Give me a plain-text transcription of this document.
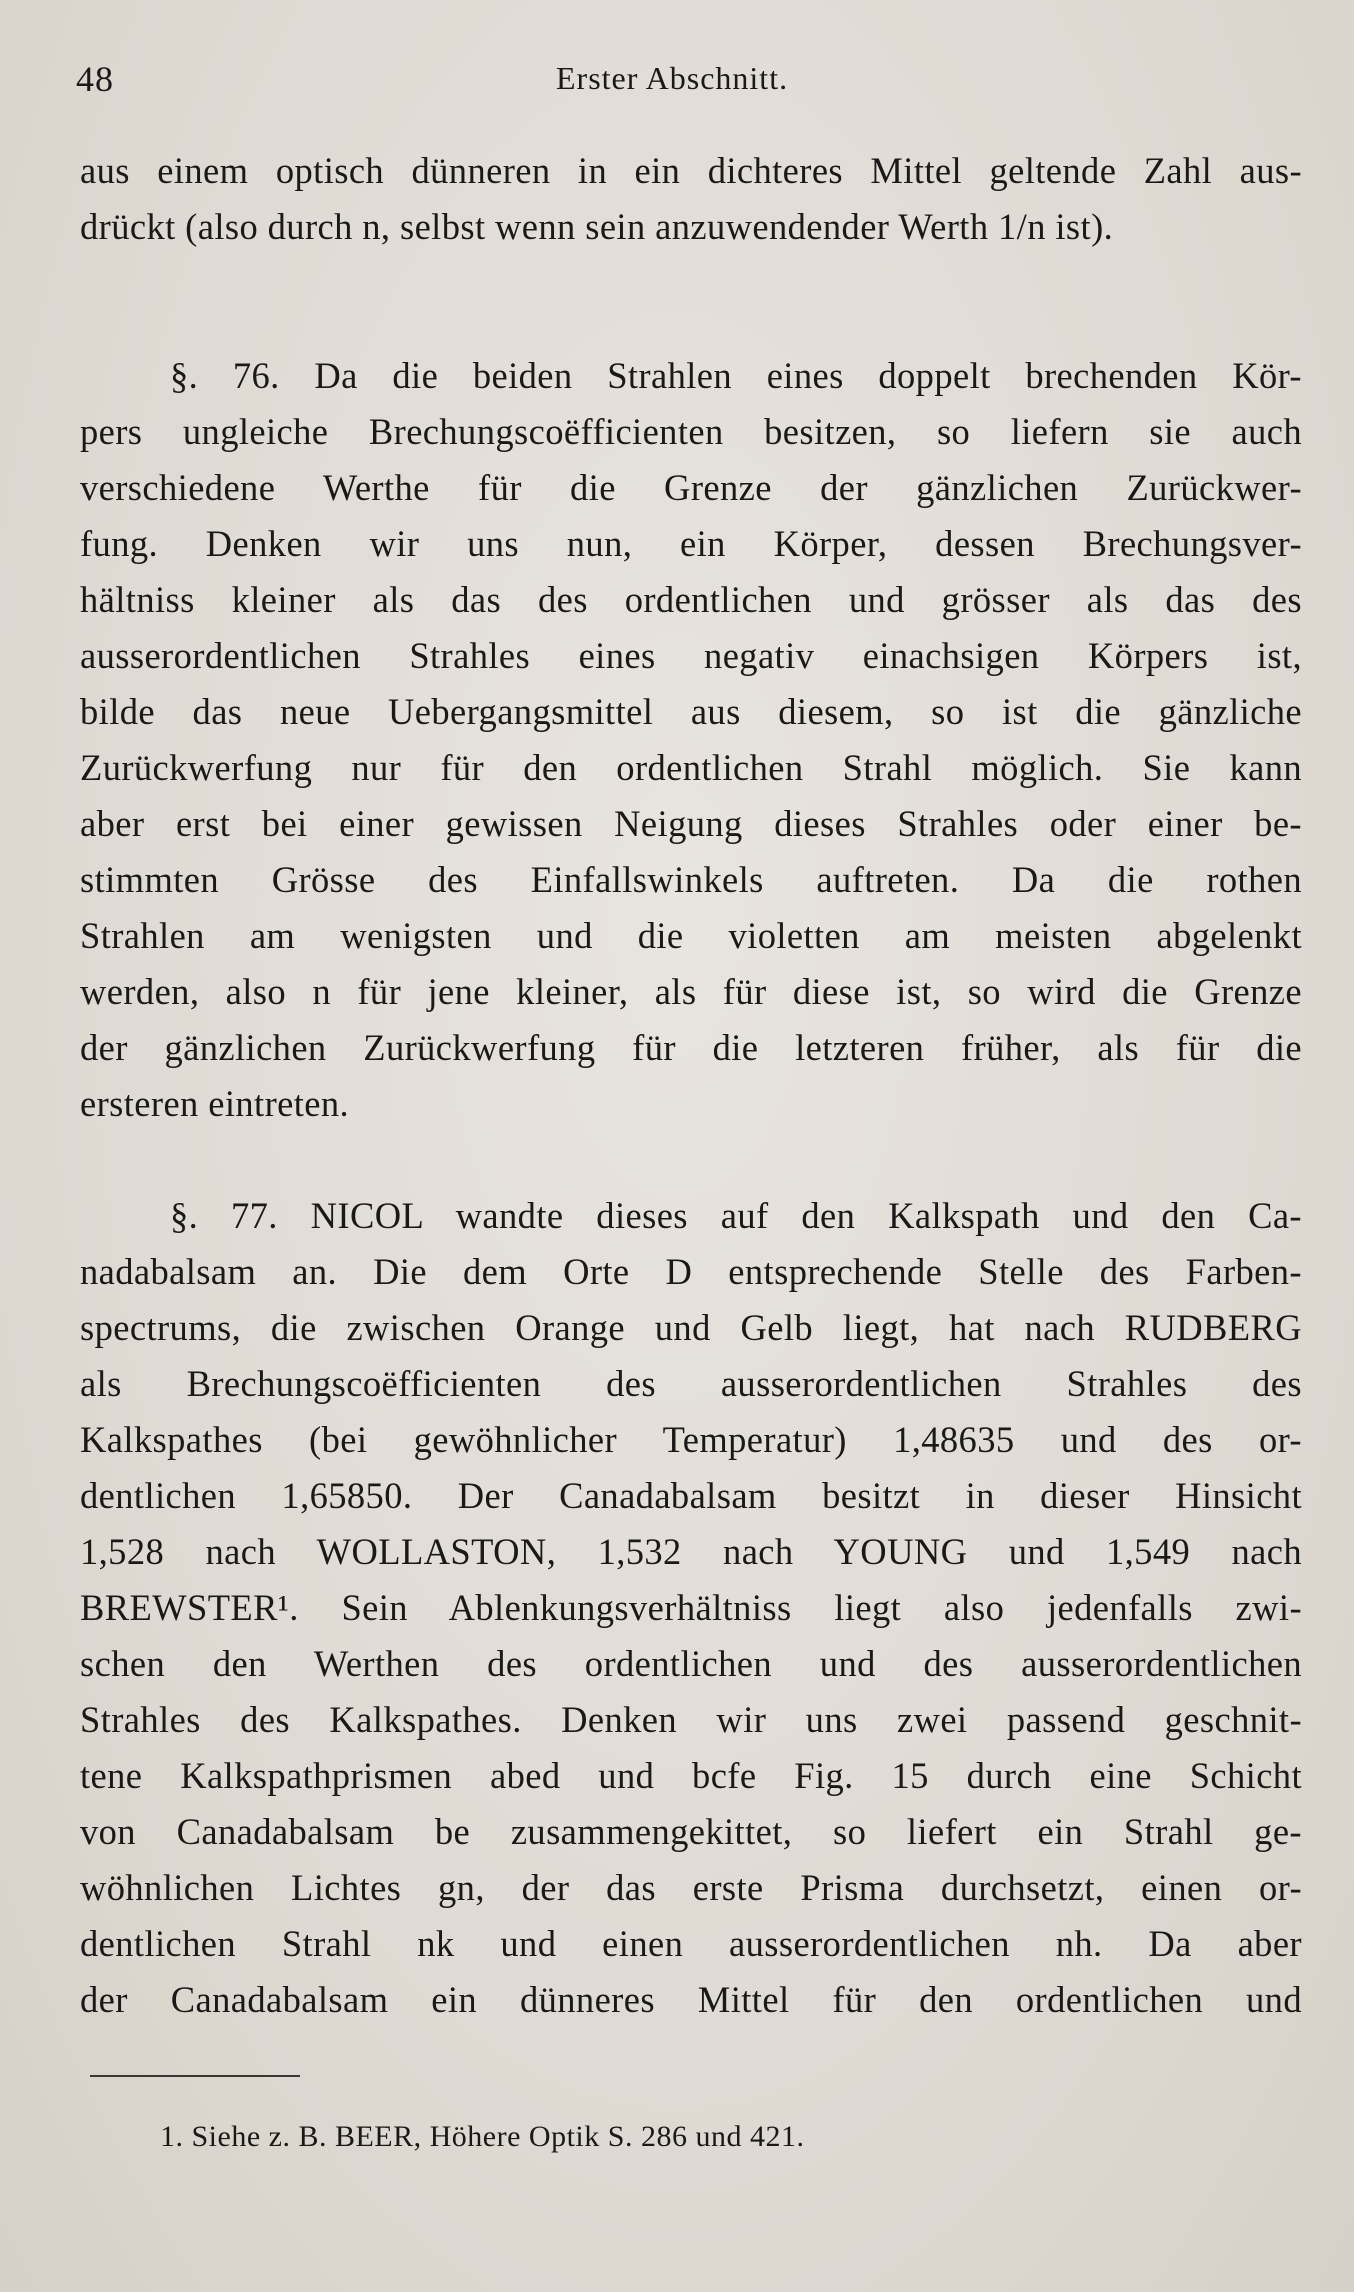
48	Erster Abschnitt.
aus einem optisch dünneren in ein dichteres Mittel geltende Zahl aus-
drückt (also durch n, selbst wenn sein anzuwendender Werth 1/n ist).
§. 76. Da die beiden Strahlen eines doppelt brechenden Kör-
pers ungleiche Brechungscoëfficienten besitzen, so liefern sie auch
verschiedene Werthe für die Grenze der gänzlichen Zurückwer-
fung. Denken wir uns nun, ein Körper, dessen Brechungsver-
hältniss kleiner als das des ordentlichen und grösser als das des
ausserordentlichen Strahles eines negativ einachsigen Körpers ist,
bilde das neue Uebergangsmittel aus diesem, so ist die gänzliche
Zurückwerfung nur für den ordentlichen Strahl möglich. Sie kann
aber erst bei einer gewissen Neigung dieses Strahles oder einer be-
stimmten Grösse des Einfallswinkels auftreten. Da die rothen
Strahlen am wenigsten und die violetten am meisten abgelenkt
werden, also n für jene kleiner, als für diese ist, so wird die Grenze
der gänzlichen Zurückwerfung für die letzteren früher, als für die
ersteren eintreten.
§. 77. NICOL wandte dieses auf den Kalkspath und den Ca-
nadabalsam an. Die dem Orte D entsprechende Stelle des Farben-
spectrums, die zwischen Orange und Gelb liegt, hat nach RUDBERG
als Brechungscoëfficienten des ausserordentlichen Strahles des
Kalkspathes (bei gewöhnlicher Temperatur) 1,48635 und des or-
dentlichen 1,65850. Der Canadabalsam besitzt in dieser Hinsicht
1,528 nach WOLLASTON, 1,532 nach YOUNG und 1,549 nach
BREWSTER¹. Sein Ablenkungsverhältniss liegt also jedenfalls zwi-
schen den Werthen des ordentlichen und des ausserordentlichen
Strahles des Kalkspathes. Denken wir uns zwei passend geschnit-
tene Kalkspathprismen abed und bcfe Fig. 15 durch eine Schicht
von Canadabalsam be zusammengekittet, so liefert ein Strahl ge-
wöhnlichen Lichtes gn, der das erste Prisma durchsetzt, einen or-
dentlichen Strahl nk und einen ausserordentlichen nh. Da aber
der Canadabalsam ein dünneres Mittel für den ordentlichen und
1. Siehe z. B. BEER, Höhere Optik S. 286 und 421.
